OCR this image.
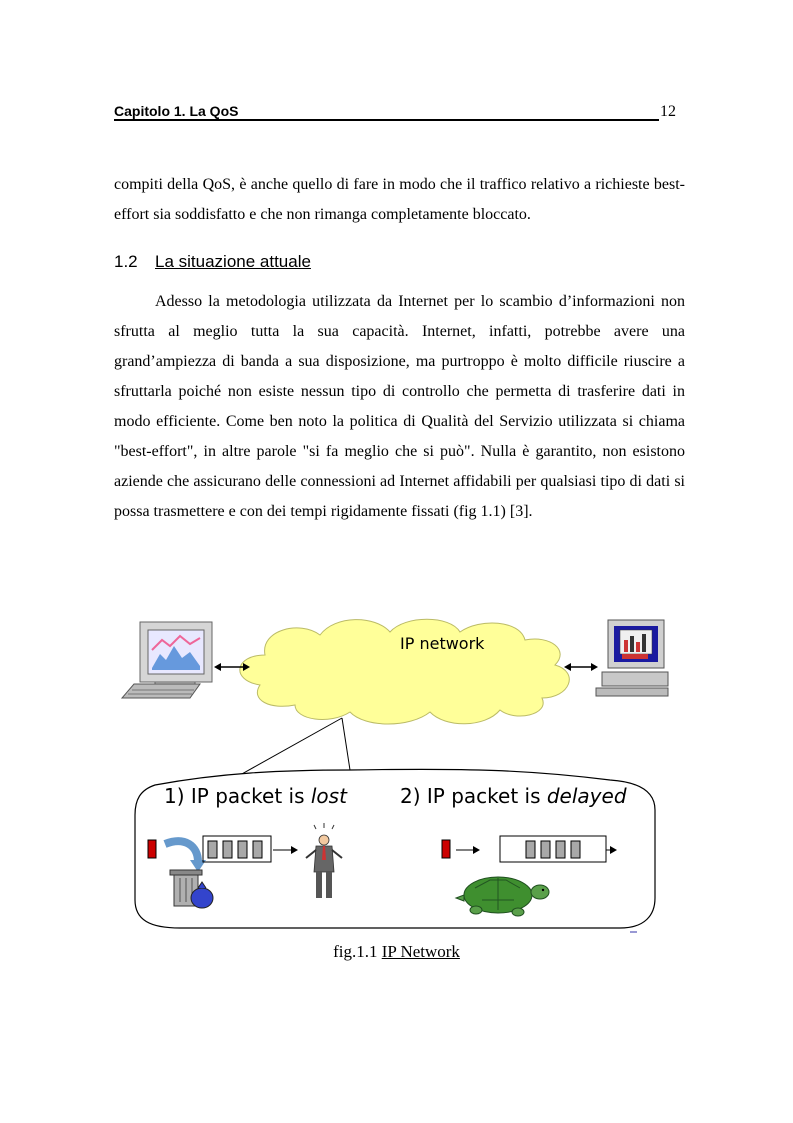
Capitolo 1. La QoS	12
compiti della QoS, è anche quello di fare in modo che il traffico relativo a richieste best-effort sia soddisfatto e che non rimanga completamente bloccato.
1.2 La situazione attuale
Adesso la metodologia utilizzata da Internet per lo scambio d’informazioni non sfrutta al meglio tutta la sua capacità. Internet, infatti, potrebbe avere una grand’ampiezza di banda a sua disposizione, ma purtroppo è molto difficile riuscire a sfruttarla poiché non esiste nessun tipo di controllo che permetta di trasferire dati in modo efficiente. Come ben noto la politica di Qualità del Servizio utilizzata si chiama "best-effort", in altre parole "si fa meglio che si può". Nulla è garantito, non esistono aziende che assicurano delle connessioni ad Internet affidabili per qualsiasi tipo di dati si possa trasmettere e con dei tempi rigidamente fissati (fig 1.1) [3].
IP network
1) IP packet is lost	2) IP packet is delayed
fig.1.1 IP Network
